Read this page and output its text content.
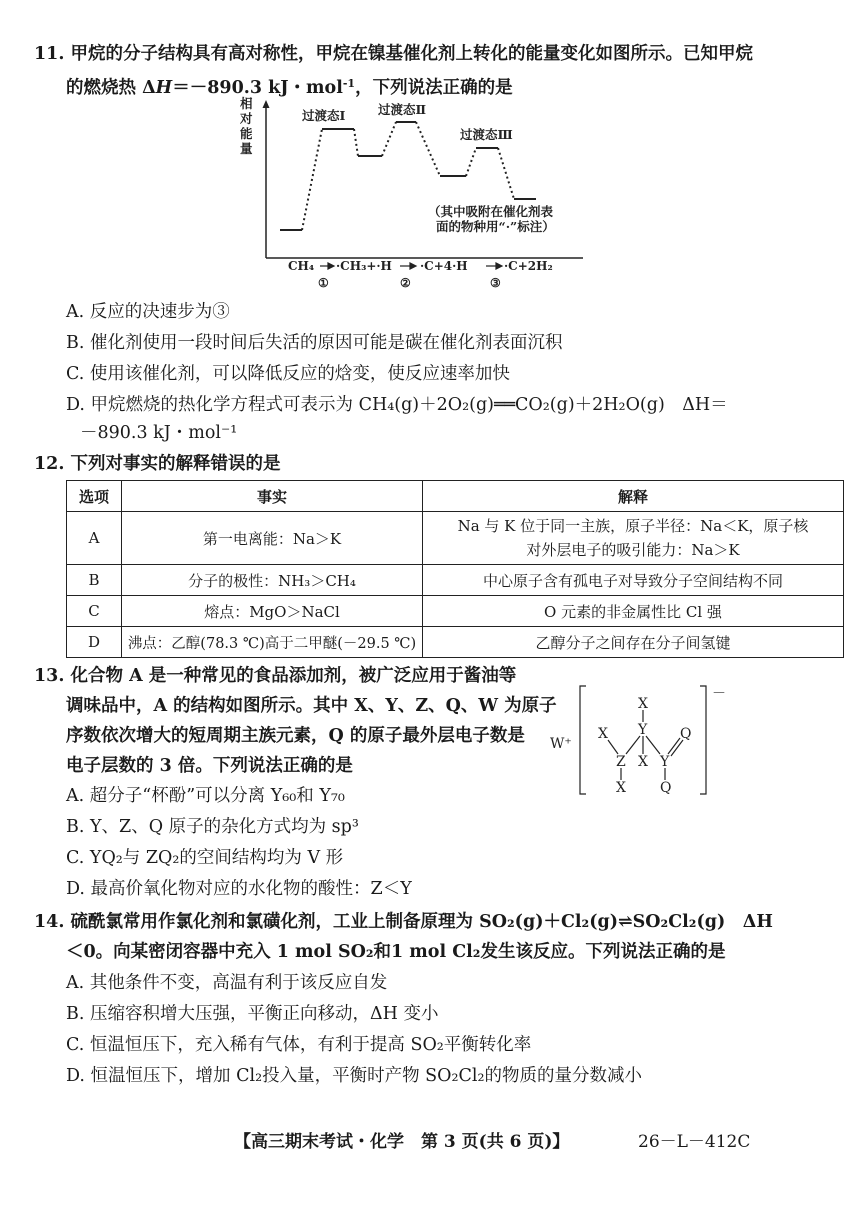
11. 甲烷的分子结构具有高对称性，甲烷在镍基催化剂上转化的能量变化如图所示。已知甲烷
的燃烧热 ΔH＝－890.3 kJ・mol$^{-1}$，下列说法正确的是
相
对
能
量
过渡态Ⅰ	过渡态Ⅱ
过渡态Ⅲ
（其中吸附在催化剂表
面的物种用“·”标注）
CH₄ ·CH₃+·H ·C+4·H	·C+2H₂
①	②	③
A. 反应的决速步为③
B. 催化剂使用一段时间后失活的原因可能是碳在催化剂表面沉积
C. 使用该催化剂，可以降低反应的焓变，使反应速率加快
D. 甲烷燃烧的热化学方程式可表示为 CH₄(g)＋2O₂(g)══CO₂(g)＋2H₂O(g)　ΔH＝
－890.3 kJ・mol⁻¹
12. 下列对事实的解释错误的是
选项	事实	解释
A	第一电离能：Na＞K	Na 与 K 位于同一主族，原子半径：Na＜K，原子核
对外层电子的吸引能力：Na＞K

B	分子的极性：NH₃＞CH₄	中心原子含有孤电子对导致分子空间结构不同
C	熔点：MgO＞NaCl	O 元素的非金属性比 Cl 强
D	沸点：乙醇(78.3 ℃)高于二甲醚(－29.5 ℃)	乙醇分子之间存在分子间氢键
13. 化合物 A 是一种常见的食品添加剂，被广泛应用于酱油等
调味品中，A 的结构如图所示。其中 X、Y、Z、Q、W 为原子
序数依次增大的短周期主族元素，Q 的原子最外层电子数是
电子层数的 3 倍。下列说法正确的是
A. 超分子“杯酚”可以分离 Y₆₀和 Y₇₀
B. Y、Z、Q 原子的杂化方式均为 sp³
C. YQ₂与 ZQ₂的空间结构均为 V 形
D. 最高价氧化物对应的水化物的酸性：Z＜Y
W⁺
－
X
X Y Q
Z X Y
X Q
14. 硫酰氯常用作氯化剂和氯磺化剂，工业上制备原理为 SO₂(g)＋Cl₂(g)⇌SO₂Cl₂(g)　ΔH
＜0。向某密闭容器中充入 1 mol SO₂和1 mol Cl₂发生该反应。下列说法正确的是
A. 其他条件不变，高温有利于该反应自发
B. 压缩容积增大压强，平衡正向移动，ΔH 变小
C. 恒温恒压下，充入稀有气体，有利于提高 SO₂平衡转化率
D. 恒温恒压下，增加 Cl₂投入量，平衡时产物 SO₂Cl₂的物质的量分数减小
【高三期末考试・化学　第 3 页(共 6 页)】	26－L－412C
